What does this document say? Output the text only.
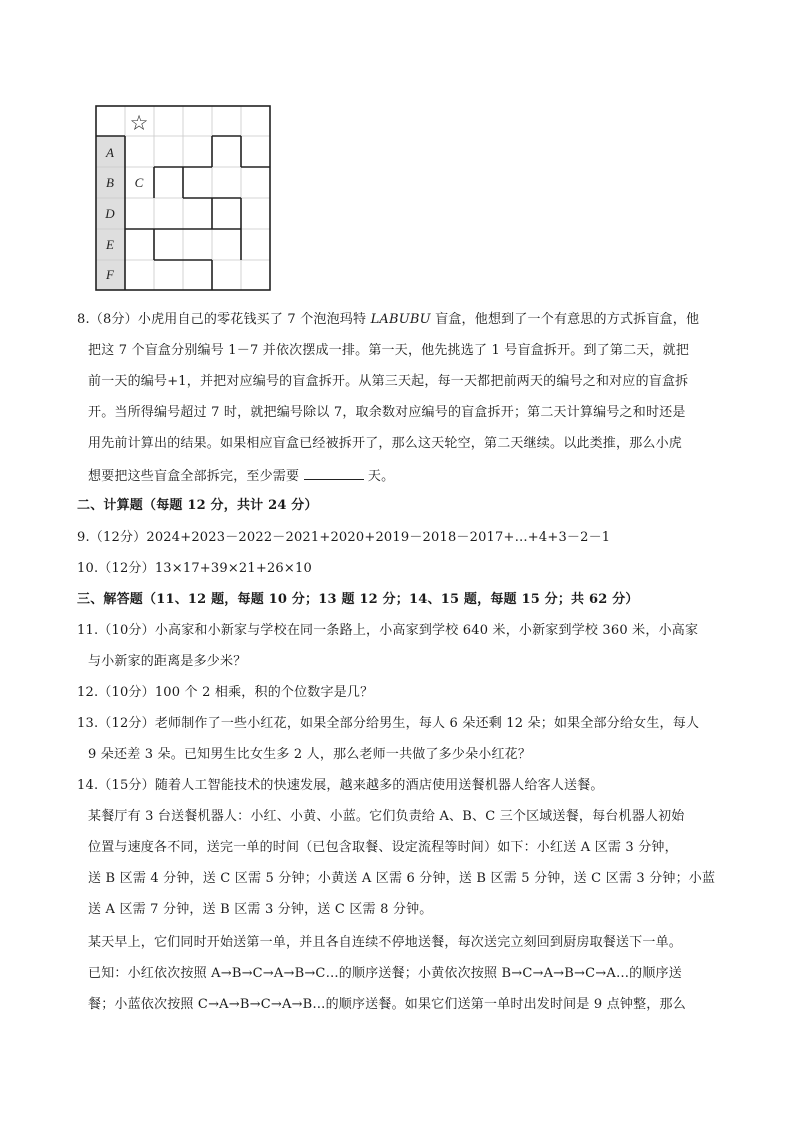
☆
A
B
D
E
F
C
8.（8分）小虎用自己的零花钱买了 7 个泡泡玛特 LABUBU 盲盒，他想到了一个有意思的方式拆盲盒，他
把这 7 个盲盒分别编号 1－7 并依次摆成一排。第一天，他先挑选了 1 号盲盒拆开。到了第二天，就把
前一天的编号+1，并把对应编号的盲盒拆开。从第三天起，每一天都把前两天的编号之和对应的盲盒拆
开。当所得编号超过 7 时，就把编号除以 7，取余数对应编号的盲盒拆开；第二天计算编号之和时还是
用先前计算出的结果。如果相应盲盒已经被拆开了，那么这天轮空，第二天继续。以此类推，那么小虎
想要把这些盲盒全部拆完，至少需要	天。
二、计算题（每题 12 分，共计 24 分）
9.（12分）2024+2023－2022－2021+2020+2019－2018－2017+…+4+3－2－1
10.（12分）13×17+39×21+26×10
三、解答题（11、12 题，每题 10 分；13 题 12 分；14、15 题，每题 15 分；共 62 分）
11.（10分）小高家和小新家与学校在同一条路上，小高家到学校 640 米，小新家到学校 360 米，小高家
与小新家的距离是多少米？
12.（10分）100 个 2 相乘，积的个位数字是几？
13.（12分）老师制作了一些小红花，如果全部分给男生，每人 6 朵还剩 12 朵；如果全部分给女生，每人
9 朵还差 3 朵。已知男生比女生多 2 人，那么老师一共做了多少朵小红花？
14.（15分）随着人工智能技术的快速发展，越来越多的酒店使用送餐机器人给客人送餐。
某餐厅有 3 台送餐机器人：小红、小黄、小蓝。它们负责给 A、B、C 三个区域送餐，每台机器人初始
位置与速度各不同，送完一单的时间（已包含取餐、设定流程等时间）如下：小红送 A 区需 3 分钟，
送 B 区需 4 分钟，送 C 区需 5 分钟；小黄送 A 区需 6 分钟，送 B 区需 5 分钟，送 C 区需 3 分钟；小蓝
送 A 区需 7 分钟，送 B 区需 3 分钟，送 C 区需 8 分钟。
某天早上，它们同时开始送第一单，并且各自连续不停地送餐，每次送完立刻回到厨房取餐送下一单。
已知：小红依次按照 A→B→C→A→B→C…的顺序送餐；小黄依次按照 B→C→A→B→C→A…的顺序送
餐；小蓝依次按照 C→A→B→C→A→B…的顺序送餐。如果它们送第一单时出发时间是 9 点钟整，那么
